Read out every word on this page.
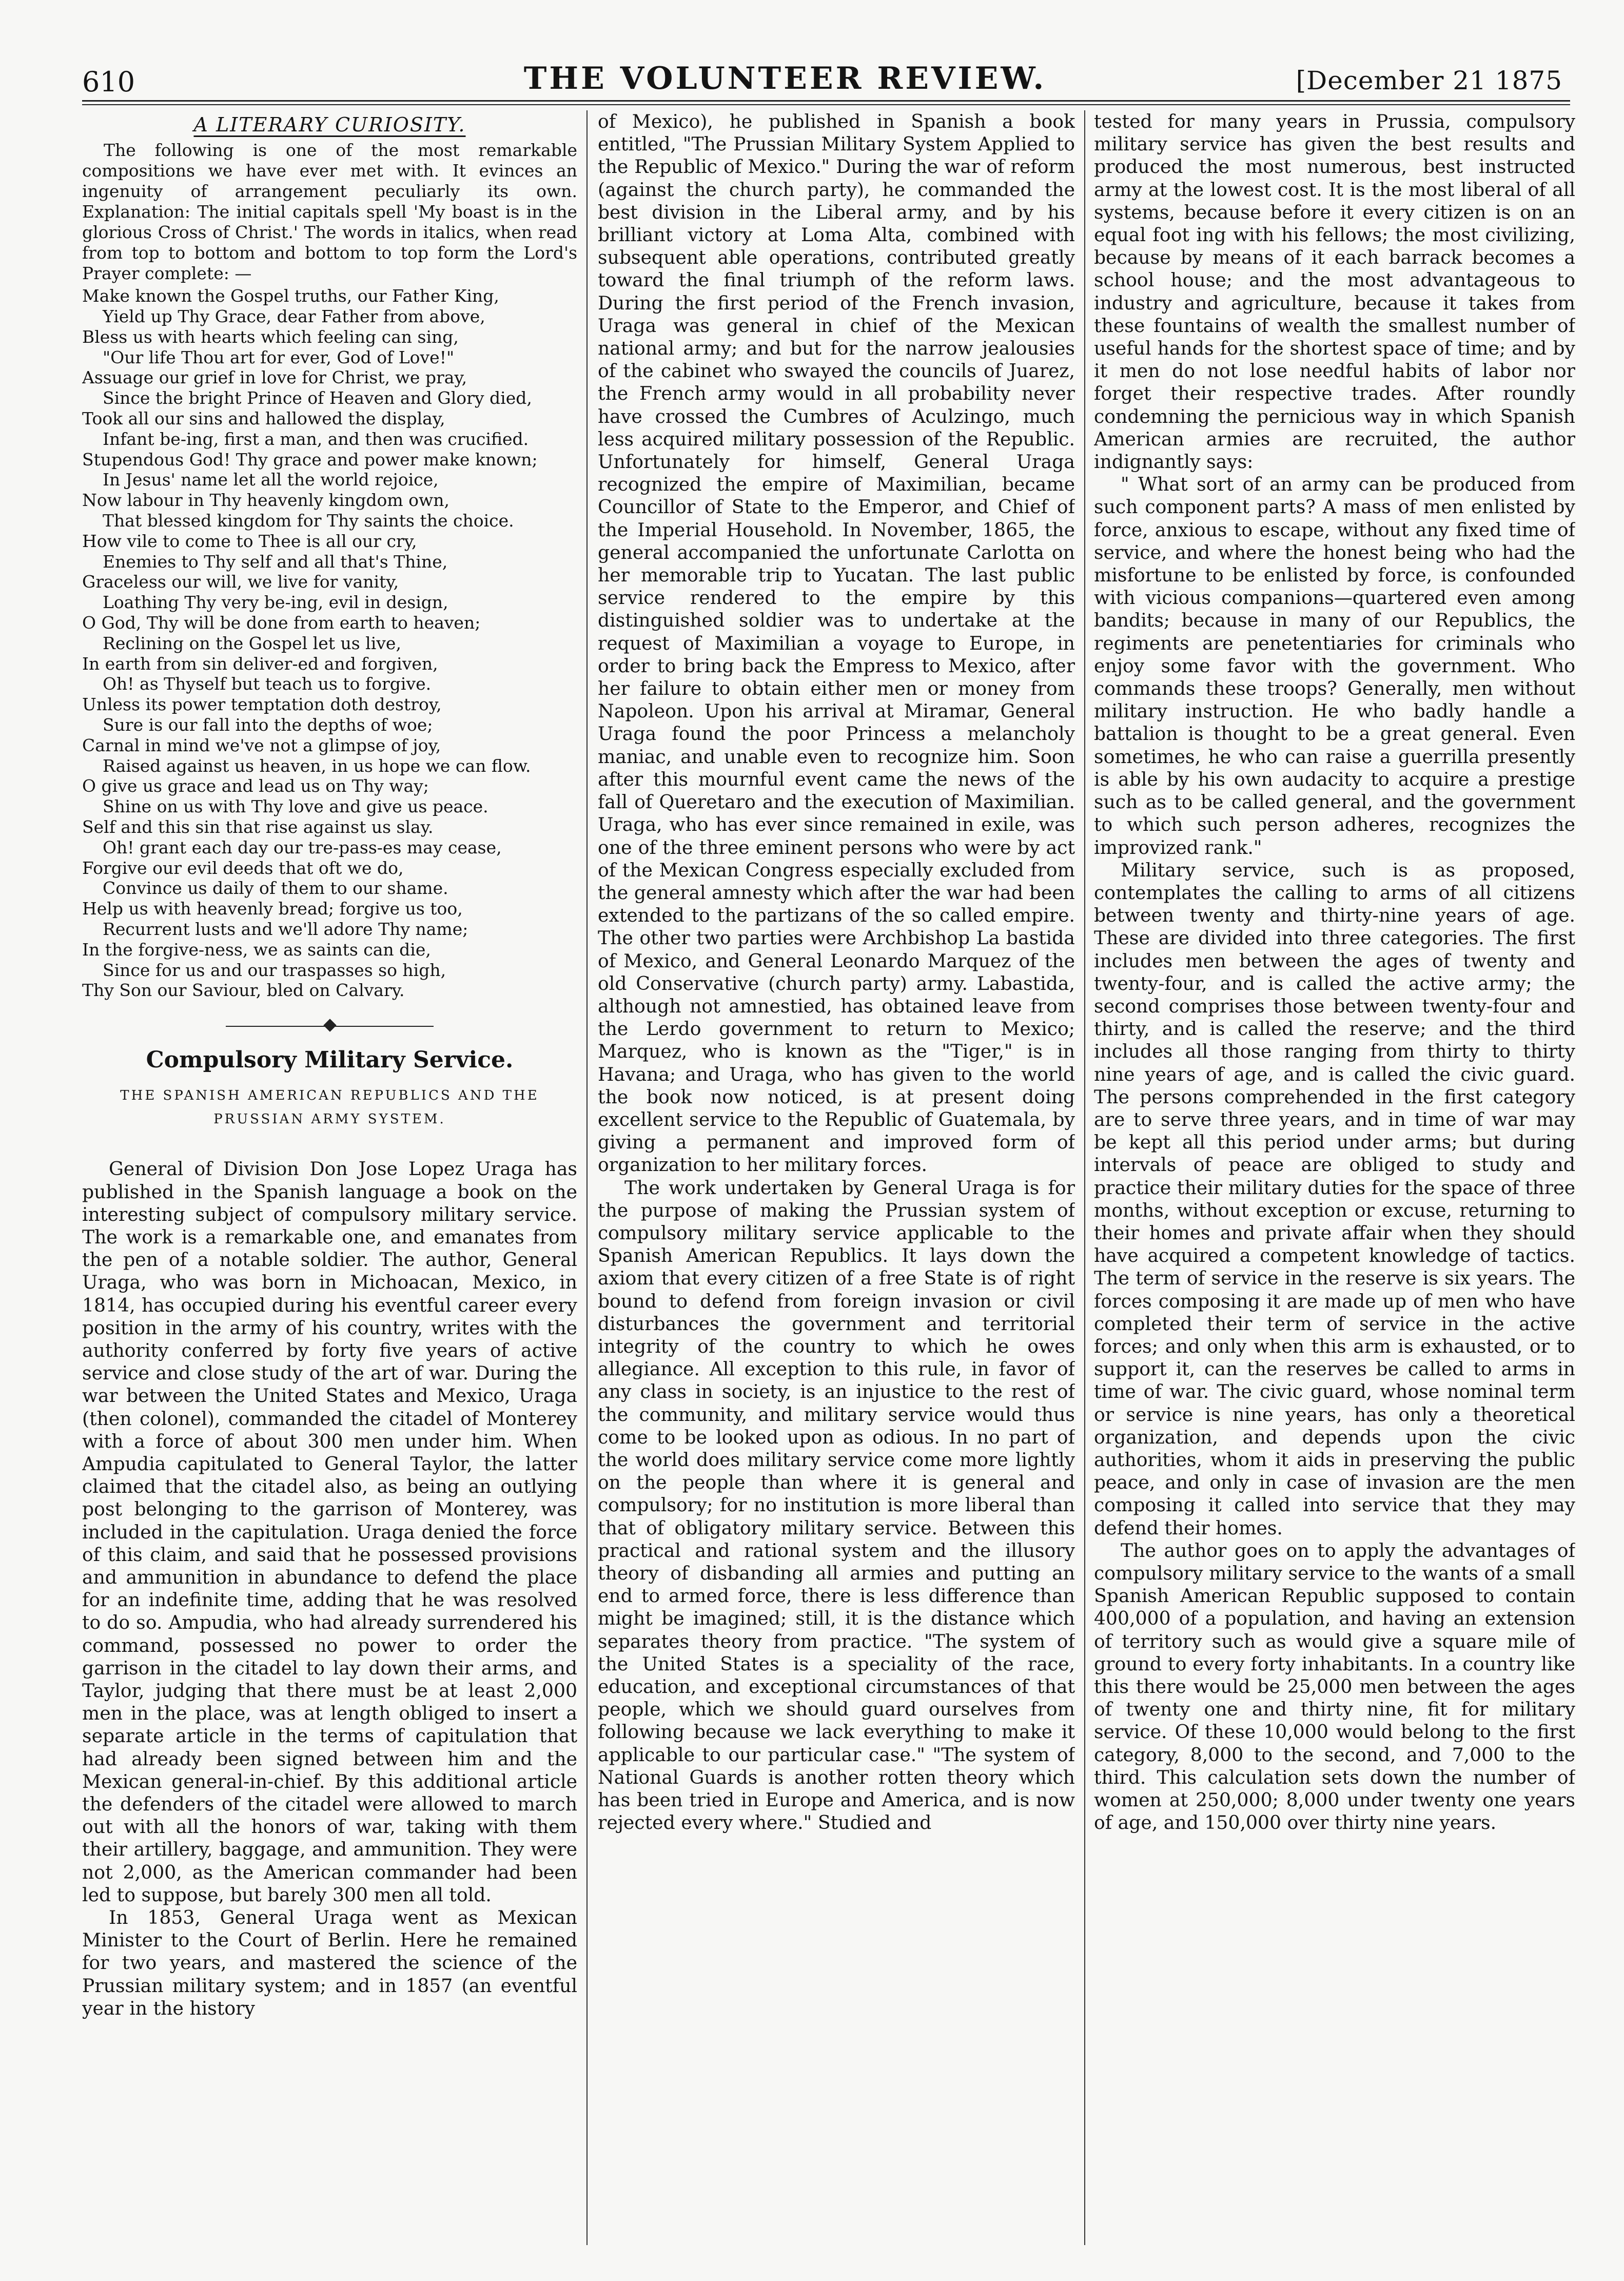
610	THE VOLUNTEER REVIEW.	[December 21 1875
A LITERARY CURIOSITY.

The following is one of the most remarkable compositions we have ever met with. It evinces an ingenuity of arrangement peculiarly its own. Explanation: The initial capitals spell 'My boast is in the glorious Cross of Christ.' The words in italics, when read from top to bottom and bottom to top form the Lord's Prayer complete: —

Make known the Gospel truths, our Father King,
Yield up Thy Grace, dear Father from above,
Bless us with hearts which feeling can sing,
"Our life Thou art for ever, God of Love!"
Assuage our grief in love for Christ, we pray,
Since the bright Prince of Heaven and Glory died,
Took all our sins and hallowed the display,
Infant be-ing, first a man, and then was crucified.
Stupendous God! Thy grace and power make known;
In Jesus' name let all the world rejoice,
Now labour in Thy heavenly kingdom own,
That blessed kingdom for Thy saints the choice.
How vile to come to Thee is all our cry,
Enemies to Thy self and all that's Thine,
Graceless our will, we live for vanity,
Loathing Thy very be-ing, evil in design,
O God, Thy will be done from earth to heaven;
Reclining on the Gospel let us live,
In earth from sin deliver-ed and forgiven,
Oh! as Thyself but teach us to forgive.
Unless its power temptation doth destroy,
Sure is our fall into the depths of woe;
Carnal in mind we've not a glimpse of joy,
Raised against us heaven, in us hope we can flow.
O give us grace and lead us on Thy way;
Shine on us with Thy love and give us peace.
Self and this sin that rise against us slay.
Oh! grant each day our tre-pass-es may cease,
Forgive our evil deeds that oft we do,
Convince us daily of them to our shame.
Help us with heavenly bread; forgive us too,
Recurrent lusts and we'll adore Thy name;
In the forgive-ness, we as saints can die,
Since for us and our traspasses so high,
Thy Son our Saviour, bled on Calvary.
Compulsory Military Service.
THE SPANISH AMERICAN REPUBLICS AND THE PRUSSIAN ARMY SYSTEM.

General of Division Don Jose Lopez Uraga has published in the Spanish language a book on the interesting subject of compulsory military service. The work is a remarkable one, and emanates from the pen of a notable soldier. The author, General Uraga, who was born in Michoacan, Mexico, in 1814, has occupied during his eventful career every position in the army of his country, writes with the authority conferred by forty five years of active service and close study of the art of war. During the war between the United States and Mexico, Uraga (then colonel), commanded the citadel of Monterey with a force of about 300 men under him. When Ampudia capitulated to General Taylor, the latter claimed that the citadel also, as being an outlying post belonging to the garrison of Monterey, was included in the capitulation. Uraga denied the force of this claim, and said that he possessed provisions and ammunition in abundance to defend the place for an indefinite time, adding that he was resolved to do so. Ampudia, who had already surrendered his command, possessed no power to order the garrison in the citadel to lay down their arms, and Taylor, judging that there must be at least 2,000 men in the place, was at length obliged to insert a separate article in the terms of capitulation that had already been signed between him and the Mexican general-in-chief. By this additional article the defenders of the citadel were allowed to march out with all the honors of war, taking with them their artillery, baggage, and ammunition. They were not 2,000, as the American commander had been led to suppose, but barely 300 men all told.

In 1853, General Uraga went as Mexican Minister to the Court of Berlin. Here he remained for two years, and mastered the science of the Prussian military system; and in 1857 (an eventful year in the history

of Mexico), he published in Spanish a book entitled, "The Prussian Military System Applied to the Republic of Mexico." During the war of reform (against the church party), he commanded the best division in the Liberal army, and by his brilliant victory at Loma Alta, combined with subsequent able operations, contributed greatly toward the final triumph of the reform laws. During the first period of the French invasion, Uraga was general in chief of the Mexican national army; and but for the narrow jealousies of the cabinet who swayed the councils of Juarez, the French army would in all probability never have crossed the Cumbres of Aculzingo, much less acquired military possession of the Republic. Unfortunately for himself, General Uraga recognized the empire of Maximilian, became Councillor of State to the Emperor, and Chief of the Imperial Household. In November, 1865, the general accompanied the unfortunate Carlotta on her memorable trip to Yucatan. The last public service rendered to the empire by this distinguished soldier was to undertake at the request of Maximilian a voyage to Europe, in order to bring back the Empress to Mexico, after her failure to obtain either men or money from Napoleon. Upon his arrival at Miramar, General Uraga found the poor Princess a melancholy maniac, and unable even to recognize him. Soon after this mournful event came the news of the fall of Queretaro and the execution of Maximilian. Uraga, who has ever since remained in exile, was one of the three eminent persons who were by act of the Mexican Congress especially excluded from the general amnesty which after the war had been extended to the partizans of the so called empire. The other two parties were Archbishop La bastida of Mexico, and General Leonardo Marquez of the old Conservative (church party) army. Labastida, although not amnestied, has obtained leave from the Lerdo government to return to Mexico; Marquez, who is known as the "Tiger," is in Havana; and Uraga, who has given to the world the book now noticed, is at present doing excellent service to the Republic of Guatemala, by giving a permanent and improved form of organization to her military forces.

The work undertaken by General Uraga is for the purpose of making the Prussian system of compulsory military service applicable to the Spanish American Republics. It lays down the axiom that every citizen of a free State is of right bound to defend from foreign invasion or civil disturbances the government and territorial integrity of the country to which he owes allegiance. All exception to this rule, in favor of any class in society, is an injustice to the rest of the community, and military service would thus come to be looked upon as odious. In no part of the world does military service come more lightly on the people than where it is general and compulsory; for no institution is more liberal than that of obligatory military service. Between this practical and rational system and the illusory theory of disbanding all armies and putting an end to armed force, there is less difference than might be imagined; still, it is the distance which separates theory from practice. "The system of the United States is a speciality of the race, education, and exceptional circumstances of that people, which we should guard ourselves from following because we lack everything to make it applicable to our particular case." "The system of National Guards is another rotten theory which has been tried in Europe and America, and is now rejected every where." Studied and

tested for many years in Prussia, compulsory military service has given the best results and produced the most numerous, best instructed army at the lowest cost. It is the most liberal of all systems, because before it every citizen is on an equal foot ing with his fellows; the most civilizing, because by means of it each barrack becomes a school house; and the most advantageous to industry and agriculture, because it takes from these fountains of wealth the smallest number of useful hands for the shortest space of time; and by it men do not lose needful habits of labor nor forget their respective trades. After roundly condemning the pernicious way in which Spanish American armies are recruited, the author indignantly says:

" What sort of an army can be produced from such component parts? A mass of men enlisted by force, anxious to escape, without any fixed time of service, and where the honest being who had the misfortune to be enlisted by force, is confounded with vicious companions—quartered even among bandits; because in many of our Republics, the regiments are penetentiaries for criminals who enjoy some favor with the government. Who commands these troops? Generally, men without military instruction. He who badly handle a battalion is thought to be a great general. Even sometimes, he who can raise a guerrilla presently is able by his own audacity to acquire a prestige such as to be called general, and the government to which such person adheres, recognizes the improvized rank."

Military service, such is as proposed, contemplates the calling to arms of all citizens between twenty and thirty-nine years of age. These are divided into three categories. The first includes men between the ages of twenty and twenty-four, and is called the active army; the second comprises those between twenty-four and thirty, and is called the reserve; and the third includes all those ranging from thirty to thirty nine years of age, and is called the civic guard. The persons comprehended in the first category are to serve three years, and in time of war may be kept all this period under arms; but during intervals of peace are obliged to study and practice their military duties for the space of three months, without exception or excuse, returning to their homes and private affair when they should have acquired a competent knowledge of tactics. The term of service in the reserve is six years. The forces composing it are made up of men who have completed their term of service in the active forces; and only when this arm is exhausted, or to support it, can the reserves be called to arms in time of war. The civic guard, whose nominal term or service is nine years, has only a theoretical organization, and depends upon the civic authorities, whom it aids in preserving the public peace, and only in case of invasion are the men composing it called into service that they may defend their homes.

The author goes on to apply the advantages of compulsory military service to the wants of a small Spanish American Republic supposed to contain 400,000 of a population, and having an extension of territory such as would give a square mile of ground to every forty inhabitants. In a country like this there would be 25,000 men between the ages of twenty one and thirty nine, fit for military service. Of these 10,000 would belong to the first category, 8,000 to the second, and 7,000 to the third. This calculation sets down the number of women at 250,000; 8,000 under twenty one years of age, and 150,000 over thirty nine years.
